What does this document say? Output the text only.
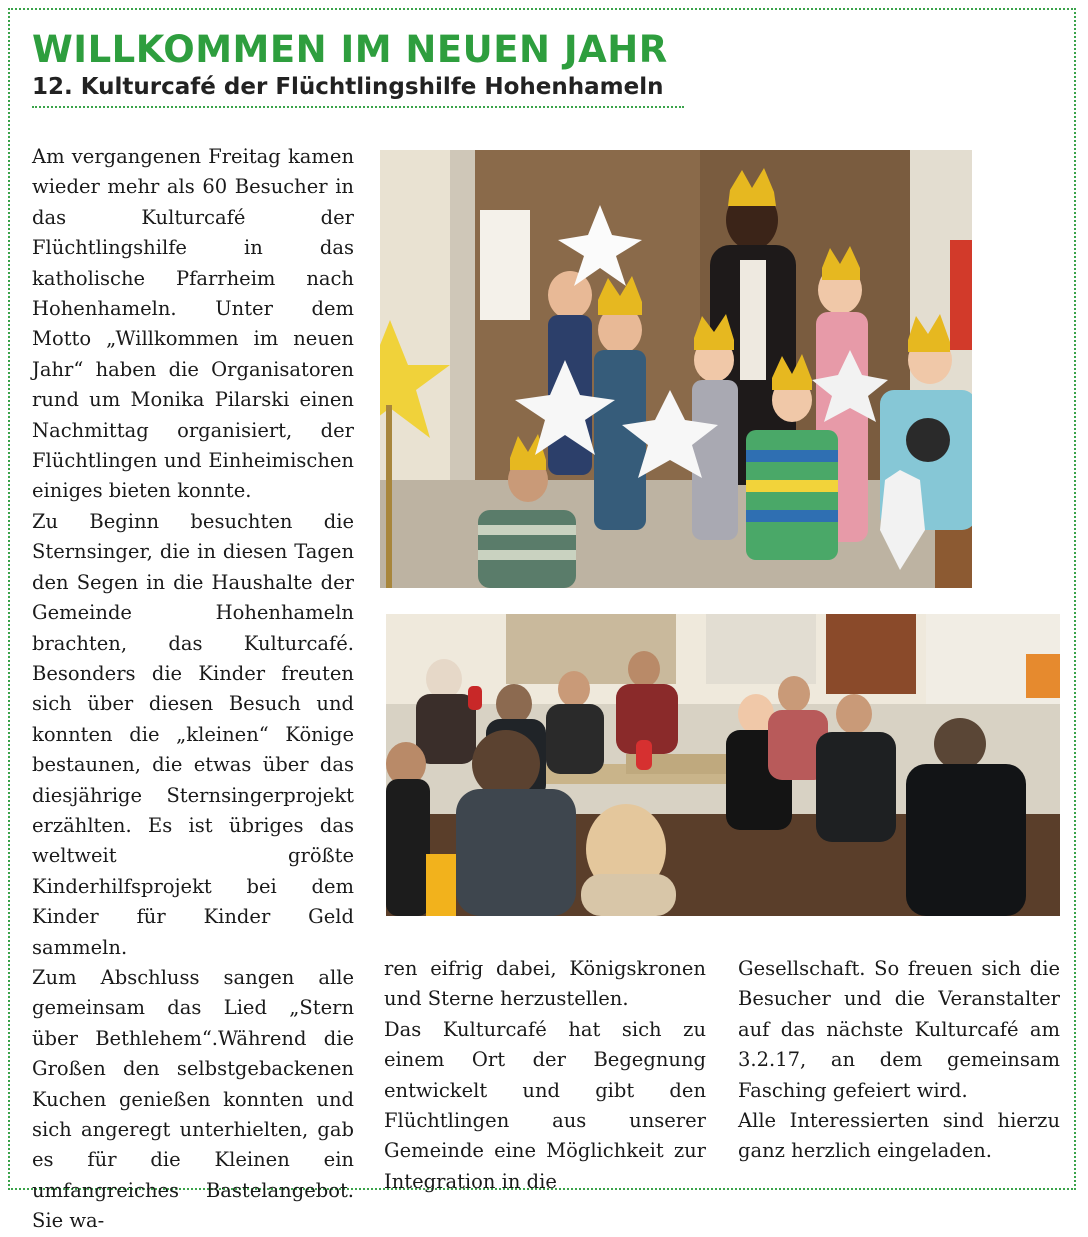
WILLKOMMEN IM NEUEN JAHR
12. Kulturcafé der Flüchtlingshilfe Hohenhameln

Am vergangenen Freitag kamen wieder mehr als 60 Besucher in das Kulturcafé der Flüchtlingshilfe in das katholische Pfarrheim nach Hohenhameln. Unter dem Motto „Willkommen im neuen Jahr“ haben die Organisatoren rund um Monika Pilarski einen Nachmittag organisiert, der Flüchtlingen und Einheimischen einiges bieten konnte.

Zu Beginn besuchten die Sternsinger, die in diesen Tagen den Segen in die Haushalte der Gemeinde Hohenhameln brachten, das Kulturcafé. Besonders die Kinder freuten sich über diesen Besuch und konnten die „kleinen“ Könige bestaunen, die etwas über das diesjährige Sternsingerprojekt erzählten. Es ist übriges das weltweit größte Kinderhilfsprojekt bei dem Kinder für Kinder Geld sammeln.

Zum Abschluss sangen alle gemeinsam das Lied „Stern über Bethlehem“.Während die Großen den selbstgebackenen Kuchen genießen konnten und sich angeregt unterhielten, gab es für die Kleinen ein umfangreiches Bastelangebot. Sie wa-

ren eifrig dabei, Königskronen und Sterne herzustellen.

Das Kulturcafé hat sich zu einem Ort der Begegnung entwickelt und gibt den Flüchtlingen aus unserer Gemeinde eine Möglichkeit zur Integration in die

Gesellschaft. So freuen sich die Besucher und die Veranstalter auf das nächste Kulturcafé am 3.2.17, an dem gemeinsam Fasching gefeiert wird.

Alle Interessierten sind hierzu ganz herzlich eingeladen.
